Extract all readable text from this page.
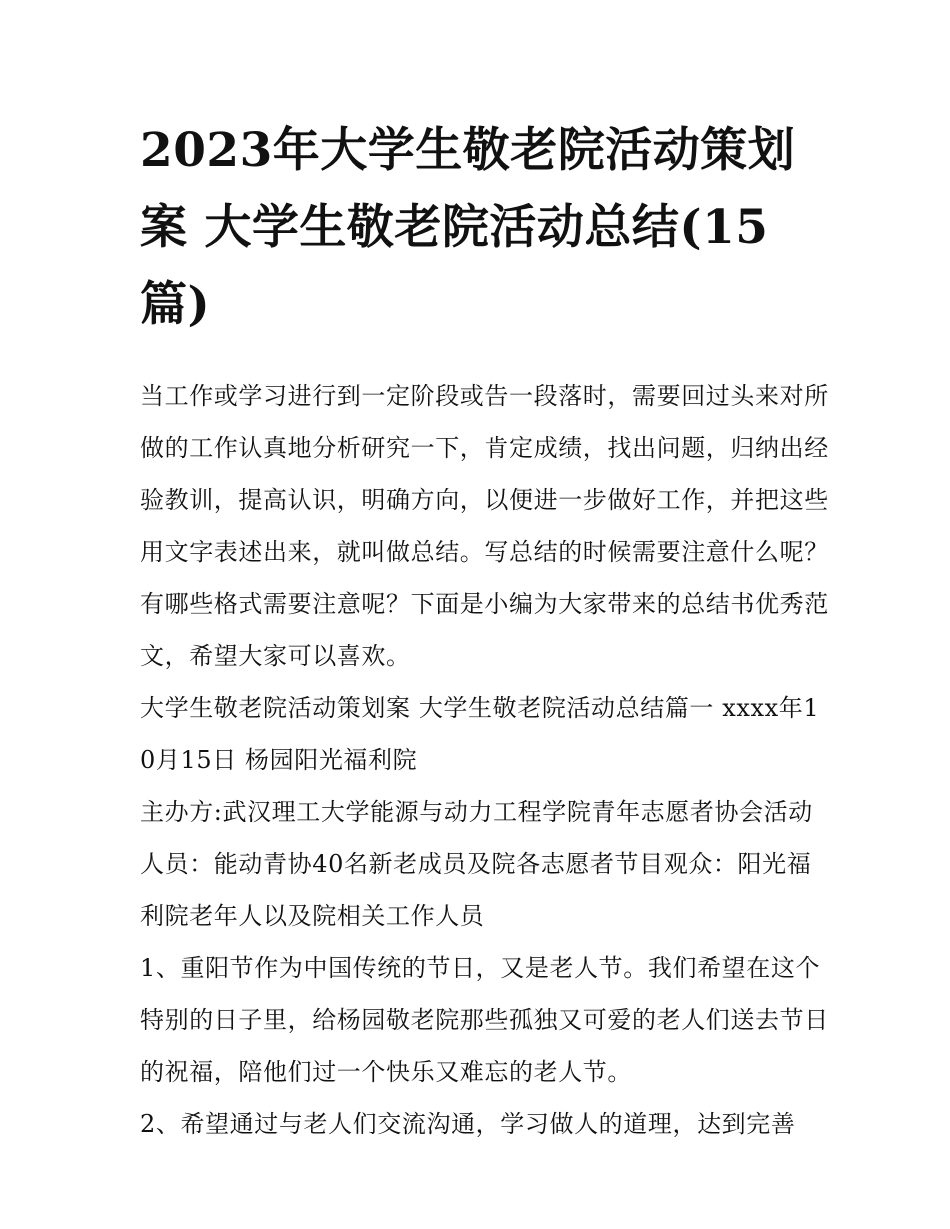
2023年大学生敬老院活动策划案 大学生敬老院活动总结(15篇)

当工作或学习进行到一定阶段或告一段落时，需要回过头来对所做的工作认真地分析研究一下，肯定成绩，找出问题，归纳出经验教训，提高认识，明确方向，以便进一步做好工作，并把这些用文字表述出来，就叫做总结。写总结的时候需要注意什么呢？有哪些格式需要注意呢？下面是小编为大家带来的总结书优秀范文，希望大家可以喜欢。

大学生敬老院活动策划案 大学生敬老院活动总结篇一 xxxx年10月15日 杨园阳光福利院

主办方:武汉理工大学能源与动力工程学院青年志愿者协会活动人员：能动青协40名新老成员及院各志愿者节目观众：阳光福利院老年人以及院相关工作人员

1、重阳节作为中国传统的节日，又是老人节。我们希望在这个特别的日子里，给杨园敬老院那些孤独又可爱的老人们送去节日的祝福，陪他们过一个快乐又难忘的老人节。

2、希望通过与老人们交流沟通，学习做人的道理，达到完善
